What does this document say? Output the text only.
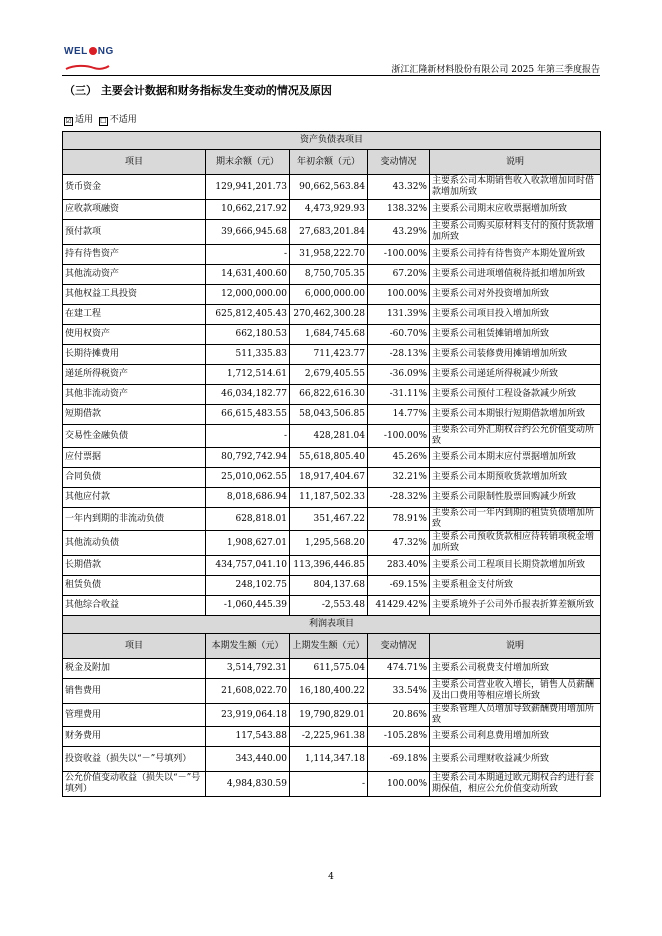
WEL NG
浙江汇隆新材料股份有限公司 2025 年第三季度报告
（三） 主要会计数据和财务指标发生变动的情况及原因
☑ 适用 ☐ 不适用
资产负债表项目				
项目	期末余额（元）	年初余额（元）	变动情况	说明
货币资金	129,941,201.73	90,662,563.84	43.32%	主要系公司本期销售收入收款增加同时借款增加所致
应收款项融资	10,662,217.92	4,473,929.93	138.32%	主要系公司期末应收票据增加所致
预付款项	39,666,945.68	27,683,201.84	43.29%	主要系公司购买原材料支付的预付货款增加所致
持有待售资产	-	31,958,222.70	-100.00%	主要系公司持有待售资产本期处置所致
其他流动资产	14,631,400.60	8,750,705.35	67.20%	主要系公司进项增值税待抵扣增加所致
其他权益工具投资	12,000,000.00	6,000,000.00	100.00%	主要系公司对外投资增加所致
在建工程	625,812,405.43	270,462,300.28	131.39%	主要系公司项目投入增加所致
使用权资产	662,180.53	1,684,745.68	-60.70%	主要系公司租赁摊销增加所致
长期待摊费用	511,335.83	711,423.77	-28.13%	主要系公司装修费用摊销增加所致
递延所得税资产	1,712,514.61	2,679,405.55	-36.09%	主要系公司递延所得税减少所致
其他非流动资产	46,034,182.77	66,822,616.30	-31.11%	主要系公司预付工程设备款减少所致
短期借款	66,615,483.55	58,043,506.85	14.77%	主要系公司本期银行短期借款增加所致
交易性金融负债	-	428,281.04	-100.00%	主要系公司外汇期权合约公允价值变动所致
应付票据	80,792,742.94	55,618,805.40	45.26%	主要系公司本期末应付票据增加所致
合同负债	25,010,062.55	18,917,404.67	32.21%	主要系公司本期预收货款增加所致
其他应付款	8,018,686.94	11,187,502.33	-28.32%	主要系公司限制性股票回购减少所致
一年内到期的非流动负债	628,818.01	351,467.22	78.91%	主要系公司一年内到期的租赁负债增加所致
其他流动负债	1,908,627.01	1,295,568.20	47.32%	主要系公司预收货款相应待转销项税金增加所致
长期借款	434,757,041.10	113,396,446.85	283.40%	主要系公司工程项目长期贷款增加所致
租赁负债	248,102.75	804,137.68	-69.15%	主要系租金支付所致
其他综合收益	-1,060,445.39	-2,553.48	41429.42%	主要系境外子公司外币报表折算差额所致
利润表项目				
项目	本期发生额（元）	上期发生额（元）	变动情况	说明
税金及附加	3,514,792.31	611,575.04	474.71%	主要系公司税费支付增加所致
销售费用	21,608,022.70	16,180,400.22	33.54%	主要系公司营业收入增长，销售人员薪酬及出口费用等相应增长所致
管理费用	23,919,064.18	19,790,829.01	20.86%	主要系管理人员增加导致薪酬费用增加所致
财务费用	117,543.88	-2,225,961.38	-105.28%	主要系公司利息费用增加所致
投资收益（损失以“－”号填列）	343,440.00	1,114,347.18	-69.18%	主要系公司理财收益减少所致
公允价值变动收益（损失以“－”号填列）	4,984,830.59	-	100.00%	主要系公司本期通过欧元期权合约进行套期保值，相应公允价值变动所致
4
